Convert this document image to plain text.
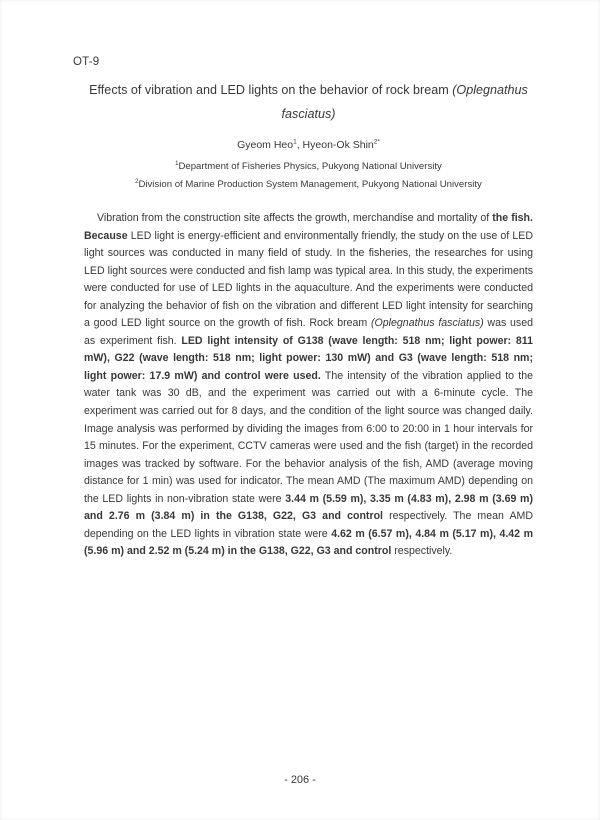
OT-9
Effects of vibration and LED lights on the behavior of rock bream (Oplegnathus fasciatus)
Gyeom Heo$^1$, Hyeon-Ok Shin$^{2*}$
$^1$Department of Fisheries Physics, Pukyong National University
$^2$Division of Marine Production System Management, Pukyong National University

Vibration from the construction site affects the growth, merchandise and mortality of the fish. Because LED light is energy-efficient and environmentally friendly, the study on the use of LED light sources was conducted in many field of study. In the fisheries, the researches for using LED light sources were conducted and fish lamp was typical area. In this study, the experiments were conducted for use of LED lights in the aquaculture. And the experiments were conducted for analyzing the behavior of fish on the vibration and different LED light intensity for searching a good LED light source on the growth of fish. Rock bream (Oplegnathus fasciatus) was used as experiment fish. LED light intensity of G138 (wave length: 518 nm; light power: 811 mW), G22 (wave length: 518 nm; light power: 130 mW) and G3 (wave length: 518 nm; light power: 17.9 mW) and control were used. The intensity of the vibration applied to the water tank was 30 dB, and the experiment was carried out with a 6-minute cycle. The experiment was carried out for 8 days, and the condition of the light source was changed daily. Image analysis was performed by dividing the images from 6:00 to 20:00 in 1 hour intervals for 15 minutes. For the experiment, CCTV cameras were used and the fish (target) in the recorded images was tracked by software. For the behavior analysis of the fish, AMD (average moving distance for 1 min) was used for indicator. The mean AMD (The maximum AMD) depending on the LED lights in non-vibration state were 3.44 m (5.59 m), 3.35 m (4.83 m), 2.98 m (3.69 m) and 2.76 m (3.84 m) in the G138, G22, G3 and control respectively. The mean AMD depending on the LED lights in vibration state were 4.62 m (6.57 m), 4.84 m (5.17 m), 4.42 m (5.96 m) and 2.52 m (5.24 m) in the G138, G22, G3 and control respectively.

- 206 -
